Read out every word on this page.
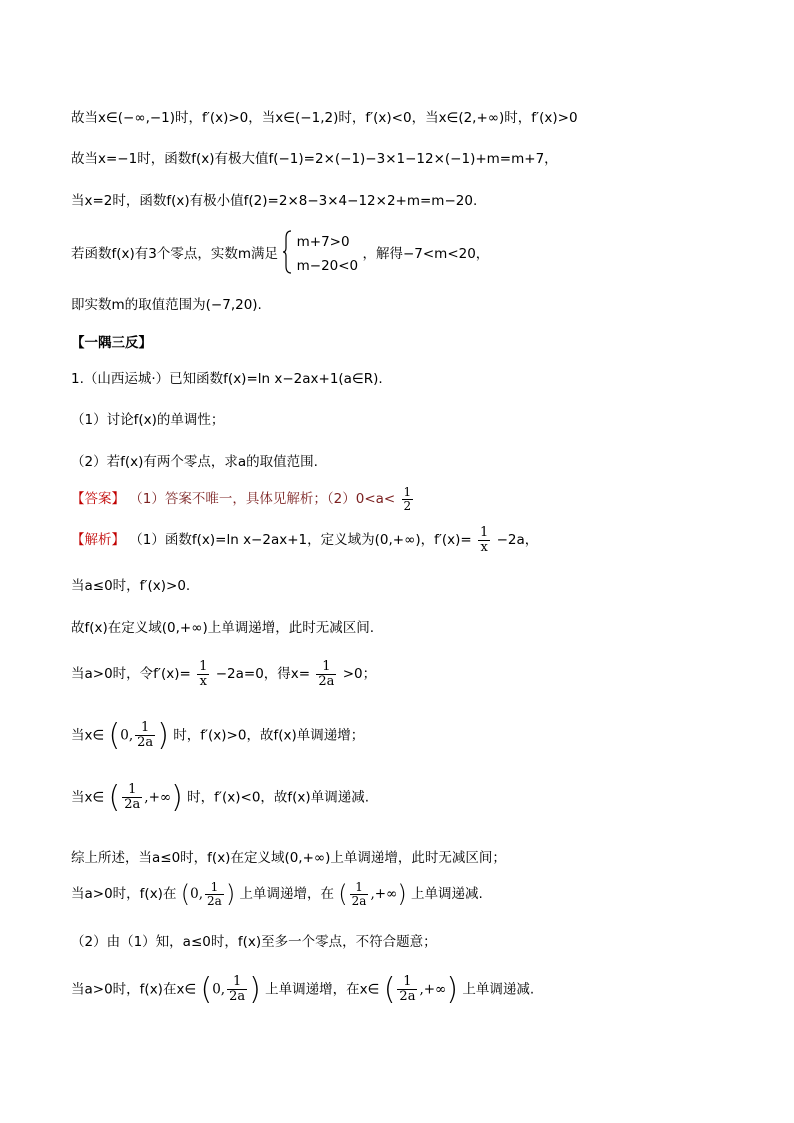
故当x∈(−∞,−1)时，f′(x)>0，当x∈(−1,2)时，f′(x)<0，当x∈(2,+∞)时，f′(x)>0
故当x=−1时，函数f(x)有极大值f(−1)=2×(−1)−3×1−12×(−1)+m=m+7，
当x=2时，函数f(x)有极小值f(2)=2×8−3×4−12×2+m=m−20.
若函数f(x)有3个零点，实数m满足
m+7>0
m−20<0
，解得−7<m<20，
即实数m的取值范围为(−7,20).
【一隅三反】
1.（山西运城·）已知函数f(x)=ln x−2ax+1(a∈R).
（1）讨论f(x)的单调性；
（2）若f(x)有两个零点，求a的取值范围.
【答案】 （1）答案不唯一，具体见解析；$(2)0<a< \frac{1}{2}$
【解析】 （1）函数f(x)=ln x−2ax+1，定义域为(0,+∞)，$f'(x)= \frac{1}{x} -2a$，
当a≤0时，f′(x)>0.
故f(x)在定义域(0,+∞)上单调递增，此时无减区间.
当a>0时，令$f'(x)= \frac{1}{x} -2a=0$，得$x= \frac{1}{2a} >0$；
当x∈ (0, $\frac{1}{2a}$ ) 时，f′(x)>0，故f(x)单调递增；
当x∈ ( $\frac{1}{2a}$ ,+∞) 时，f′(x)<0，故f(x)单调递减.
综上所述，当a≤0时，f(x)在定义域(0,+∞)上单调递增，此时无减区间；
当a>0时，f(x)在 (0, $\frac{1}{2a}$ ) 上单调递增，在 ( $\frac{1}{2a}$ ,+∞) 上单调递减.
（2）由（1）知，a≤0时，f(x)至多一个零点，不符合题意；
当a>0时，f(x)在x∈ (0, $\frac{1}{2a}$ ) 上单调递增，在x∈ ( $\frac{1}{2a}$ ,+∞) 上单调递减.
